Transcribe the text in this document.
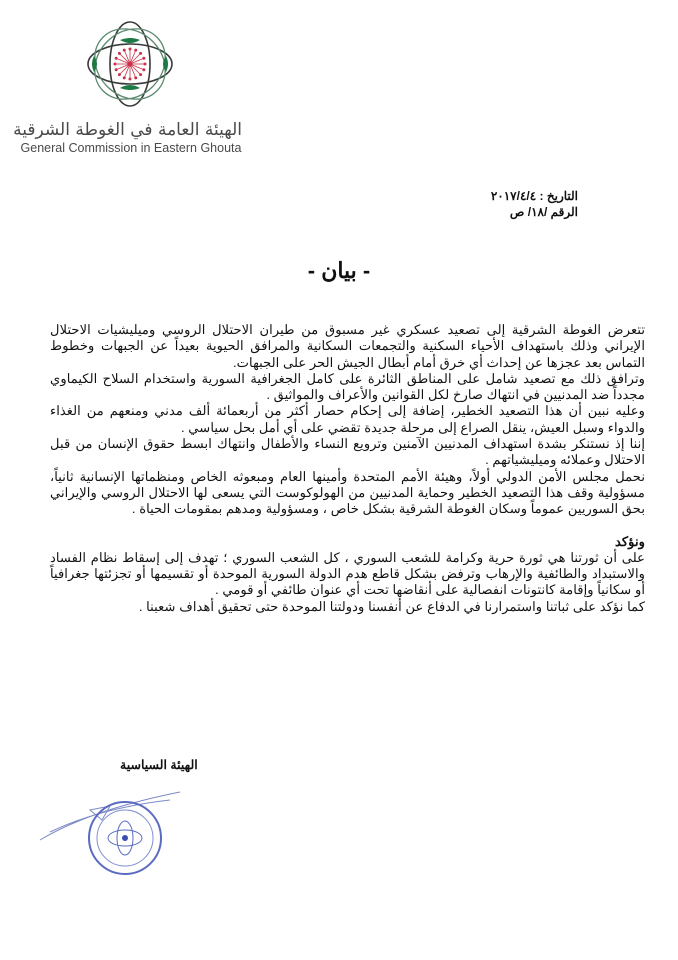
الهيئة العامة في الغوطة الشرقية
General Commission in Eastern Ghouta
التاريخ : ٢٠١٧/٤/٤
الرقم /١٨/ ص
- بيان -

تتعرض الغوطة الشرقية إلى تصعيد عسكري غير مسبوق من طيران الاحتلال الروسي وميليشيات الاحتلال الإيراني وذلك باستهداف الأحياء السكنية والتجمعات السكانية والمرافق الحيوية بعيداً عن الجبهات وخطوط التماس بعد عجزها عن إحداث أي خرق أمام أبطال الجيش الحر على الجبهات.

وترافق ذلك مع تصعيد شامل على المناطق الثائرة على كامل الجغرافية السورية واستخدام السلاح الكيماوي مجدداً ضد المدنيين في انتهاك صارخ لكل القوانين والأعراف والمواثيق .

وعليه نبين أن هذا التصعيد الخطير، إضافة إلى إحكام حصار أكثر من أربعمائة ألف مدني ومنعهم من الغذاء والدواء وسبل العيش، ينقل الصراع إلى مرحلة جديدة تقضي على أي أمل بحل سياسي .

إننا إذ نستنكر بشدة استهداف المدنيين الآمنين وترويع النساء والأطفال وانتهاك ابسط حقوق الإنسان من قبل الاحتلال وعملائه وميليشياتهم .

نحمل مجلس الأمن الدولي أولاً، وهيئة الأمم المتحدة وأمينها العام ومبعوثه الخاص ومنظماتها الإنسانية ثانياً، مسؤولية وقف هذا التصعيد الخطير وحماية المدنيين من الهولوكوست التي يسعى لها الاحتلال الروسي والإيراني بحق السوريين عموماً وسكان الغوطة الشرقية بشكل خاص ، ومسؤولية ومدهم بمقومات الحياة .

ونؤكد

على أن ثورتنا هي ثورة حرية وكرامة للشعب السوري ، كل الشعب السوري ؛ تهدف إلى إسقاط نظام الفساد والاستبداد والطائفية والإرهاب وترفض بشكل قاطع هدم الدولة السورية الموحدة أو تقسيمها أو تجزئتها جغرافياً أو سكانياً وإقامة كانتونات انفصالية على أنقاضها تحت أي عنوان طائفي أو قومي .

كما نؤكد على ثباتنا واستمرارنا في الدفاع عن أنفسنا ودولتنا الموحدة حتى تحقيق أهداف شعبنا .

الهيئة السياسية
